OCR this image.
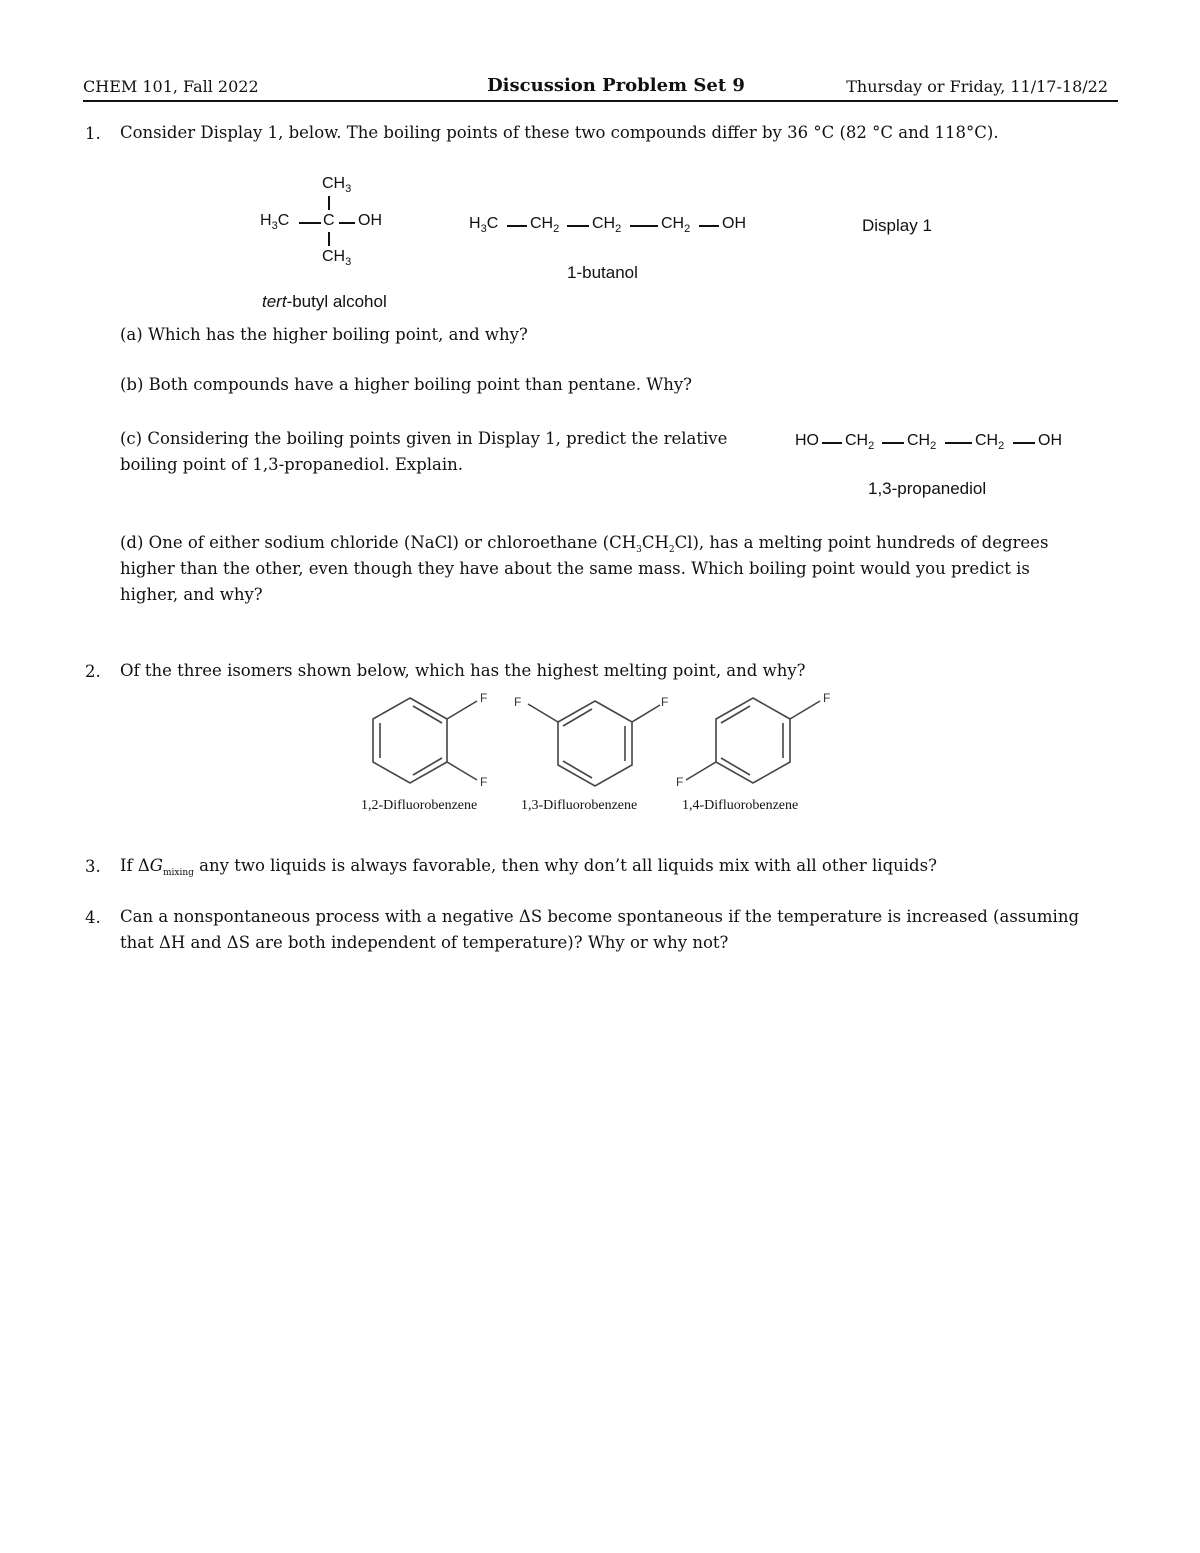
CHEM 101, Fall 2022	Discussion Problem Set 9	Thursday or Friday, 11/17-18/22
1. Consider Display 1, below. The boiling points of these two compounds differ by 36 °C (82 °C and 118°C).
$CH_3$
$H_3C$ C OH
$CH_3$
tert-butyl alcohol
$H_3C$ $CH_2$ $CH_2$ $CH_2$ OH
1-butanol
Display 1
(a) Which has the higher boiling point, and why?
(b) Both compounds have a higher boiling point than pentane. Why?
(c) Considering the boiling points given in Display 1, predict the relative
boiling point of 1,3-propanediol. Explain.
HO $CH_2$ $CH_2$ $CH_2$ OH
1,3-propanediol
(d) One of either sodium chloride (NaCl) or chloroethane $(CH_3CH_2Cl)$, has a melting point hundreds of degrees
higher than the other, even though they have about the same mass. Which boiling point would you predict is
higher, and why?
2. Of the three isomers shown below, which has the highest melting point, and why?
F
F
F	F	F
F
1,2-Difluorobenzene	1,3-Difluorobenzene	1,4-Difluorobenzene
3. If $\Delta G_{mixing}$ any two liquids is always favorable, then why don’t all liquids mix with all other liquids?
4. Can a nonspontaneous process with a negative ΔS become spontaneous if the temperature is increased (assuming
that ΔH and ΔS are both independent of temperature)? Why or why not?
